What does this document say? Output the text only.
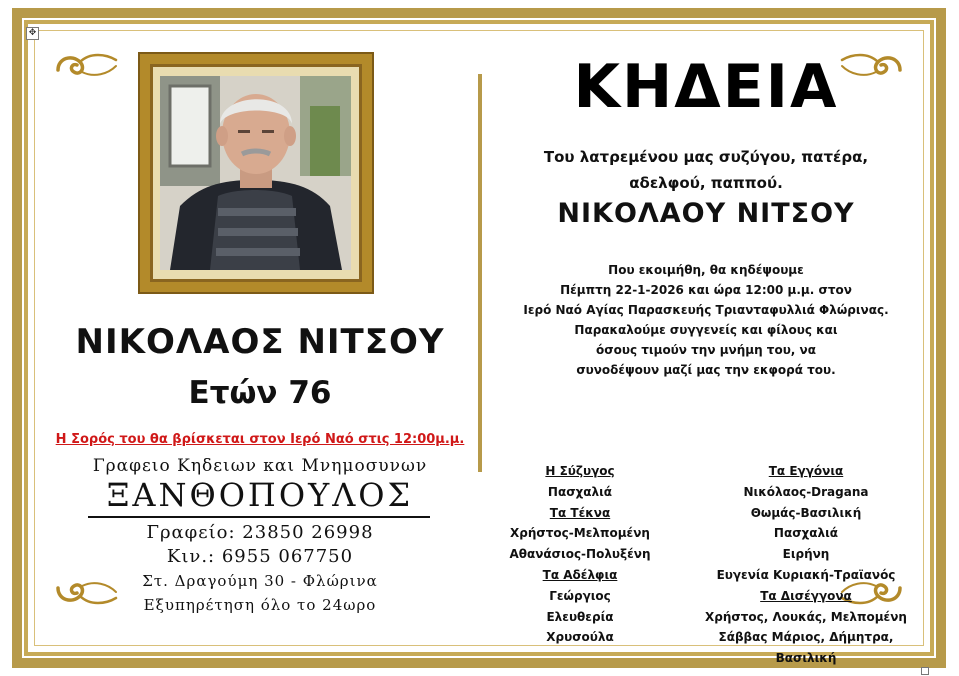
✥
ΝΙΚΟΛΑΟΣ ΝΙΤΣΟΥ
Ετών 76
Η Σορός του θα βρίσκεται στον Ιερό Ναό στις 12:00μ.μ.
Γραφειο Κηδειων και Μνημοσυνων
ΞΑΝΘΟΠΟΥΛΟΣ
Γραφείο: 23850 26998
Κιν.: 6955 067750
Στ. Δραγούμη 30 - Φλώρινα
Εξυπηρέτηση όλο το 24ωρο
ΚΗΔΕΙΑ
Του λατρεμένου μας συζύγου, πατέρα,
αδελφού, παππού.
ΝΙΚΟΛΑΟΥ ΝΙΤΣΟΥ
Που εκοιμήθη, θα κηδέψουμε
Πέμπτη 22-1-2026 και ώρα 12:00 μ.μ. στον
Ιερό Ναό Αγίας Παρασκευής Τριανταφυλλιά Φλώρινας.
Παρακαλούμε συγγενείς και φίλους και
όσους τιμούν την μνήμη του, να
συνοδέψουν μαζί μας την εκφορά του.
Η Σύζυγος
Πασχαλιά
Τα Τέκνα
Χρήστος-Μελπομένη
Αθανάσιος-Πολυξένη
Τα Αδέλφια
Γεώργιος
Ελευθερία
Χρυσούλα
Τα Εγγόνια
Νικόλαος-Dragana
Θωμάς-Βασιλική
Πασχαλιά
Ειρήνη
Ευγενία Κυριακή-Τραϊανός
Τα Δισέγγονα
Χρήστος, Λουκάς, Μελπομένη
Σάββας Μάριος, Δήμητρα,
Βασιλική
